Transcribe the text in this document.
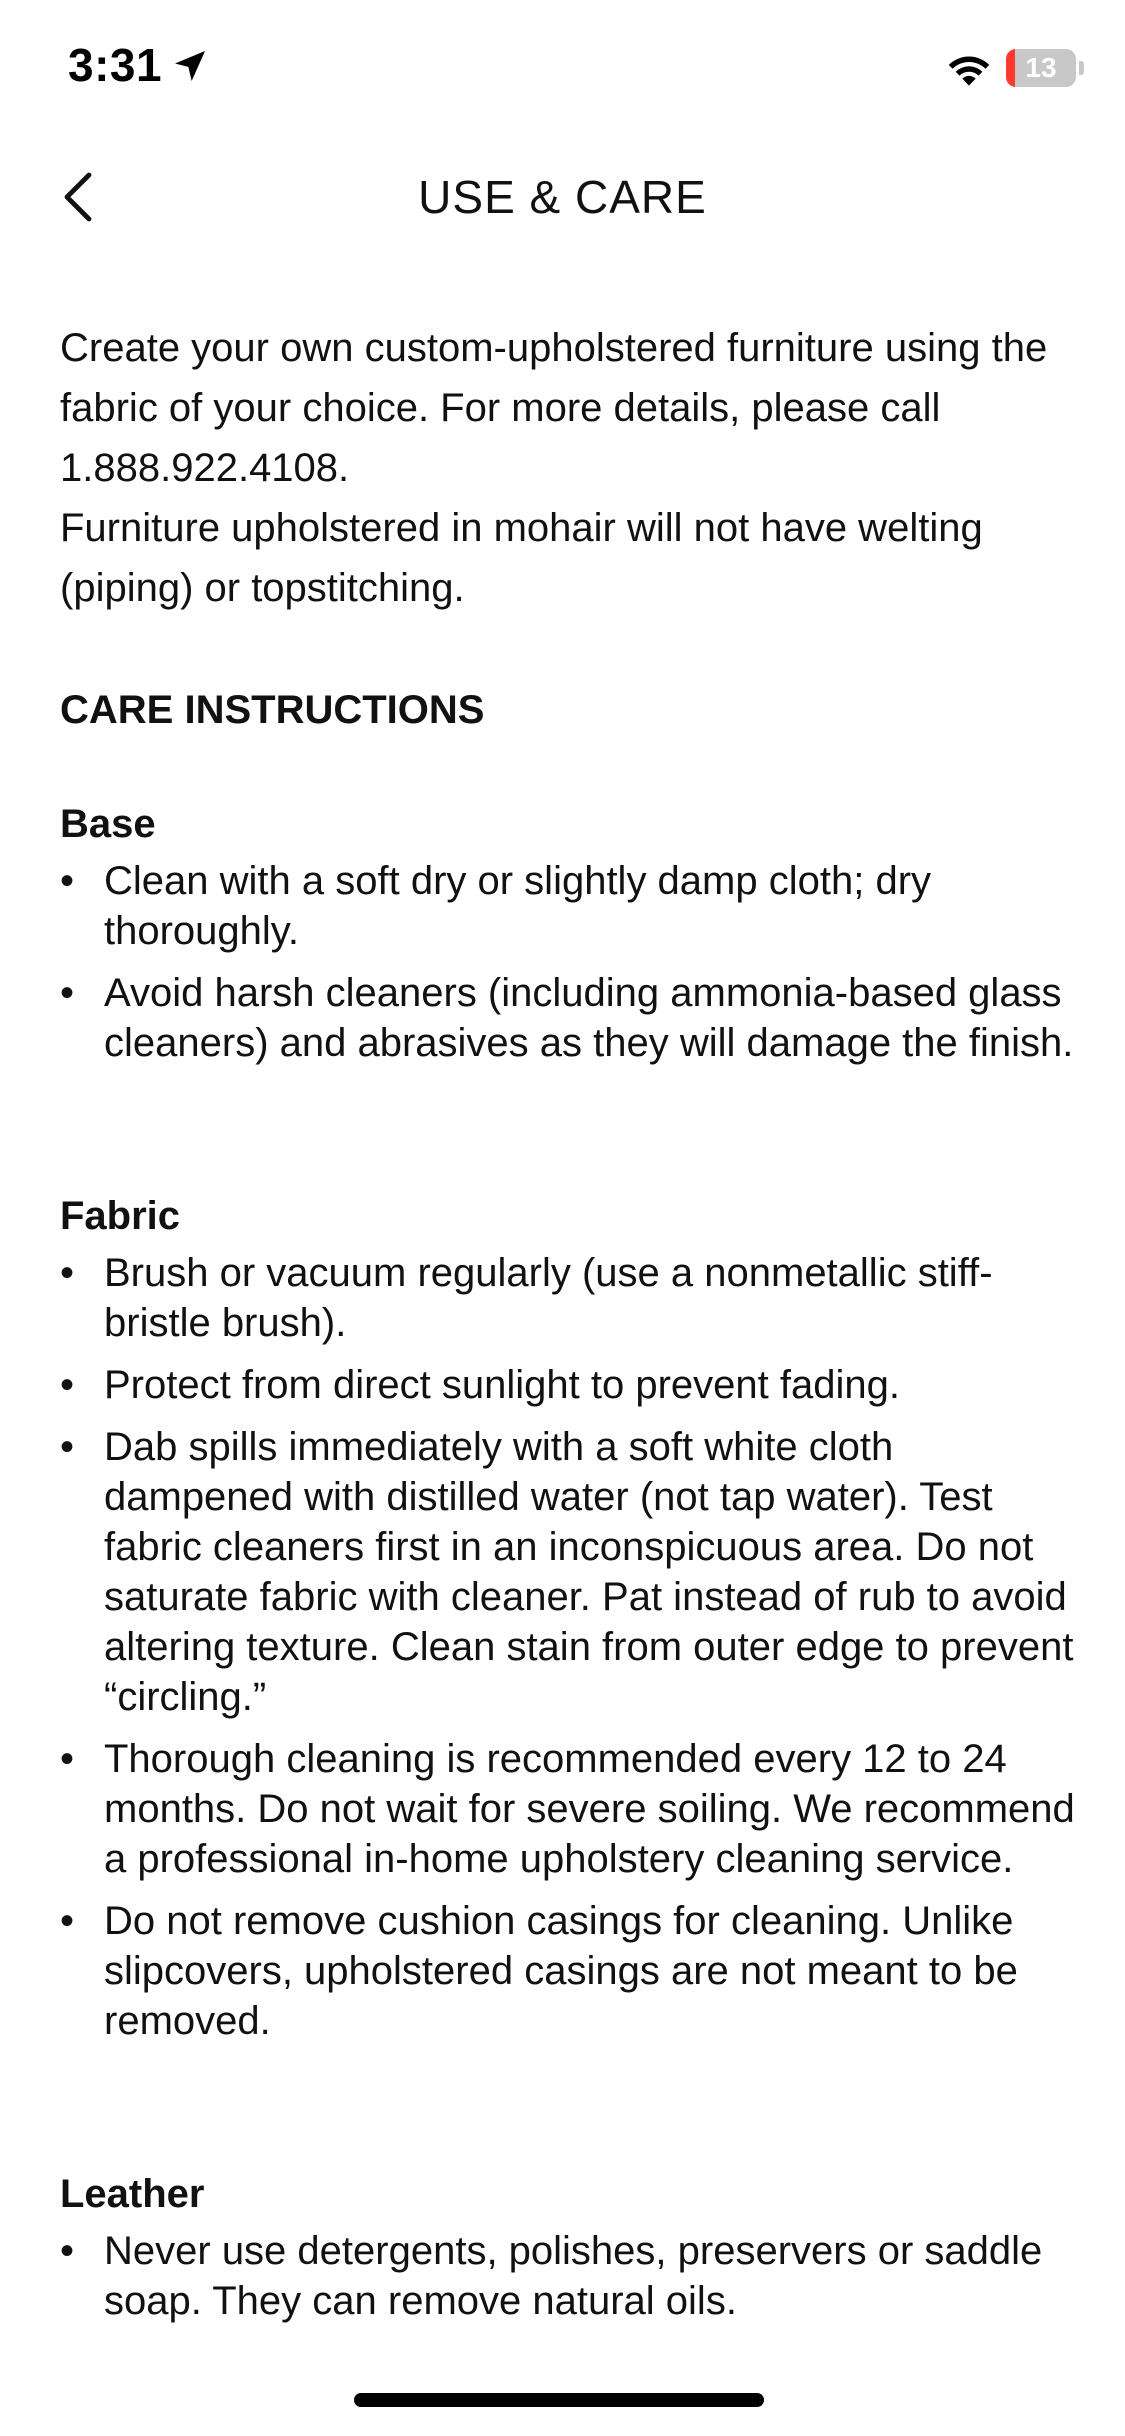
3:31	13
USE & CARE

Create your own custom-upholstered furniture using the fabric of your choice. For more details, please call 1.888.922.4108.

Furniture upholstered in mohair will not have welting (piping) or topstitching.

CARE INSTRUCTIONS
Base
• Clean with a soft dry or slightly damp cloth; dry thoroughly.
• Avoid harsh cleaners (including ammonia-based glass cleaners) and abrasives as they will damage the finish.
Fabric
• Brush or vacuum regularly (use a nonmetallic stiff-bristle brush).
• Protect from direct sunlight to prevent fading.
• Dab spills immediately with a soft white cloth dampened with distilled water (not tap water). Test fabric cleaners first in an inconspicuous area. Do not saturate fabric with cleaner. Pat instead of rub to avoid altering texture. Clean stain from outer edge to prevent “circling.”
• Thorough cleaning is recommended every 12 to 24 months. Do not wait for severe soiling. We recommend a professional in-home upholstery cleaning service.
• Do not remove cushion casings for cleaning. Unlike slipcovers, upholstered casings are not meant to be removed.
Leather
• Never use detergents, polishes, preservers or saddle soap. They can remove natural oils.
